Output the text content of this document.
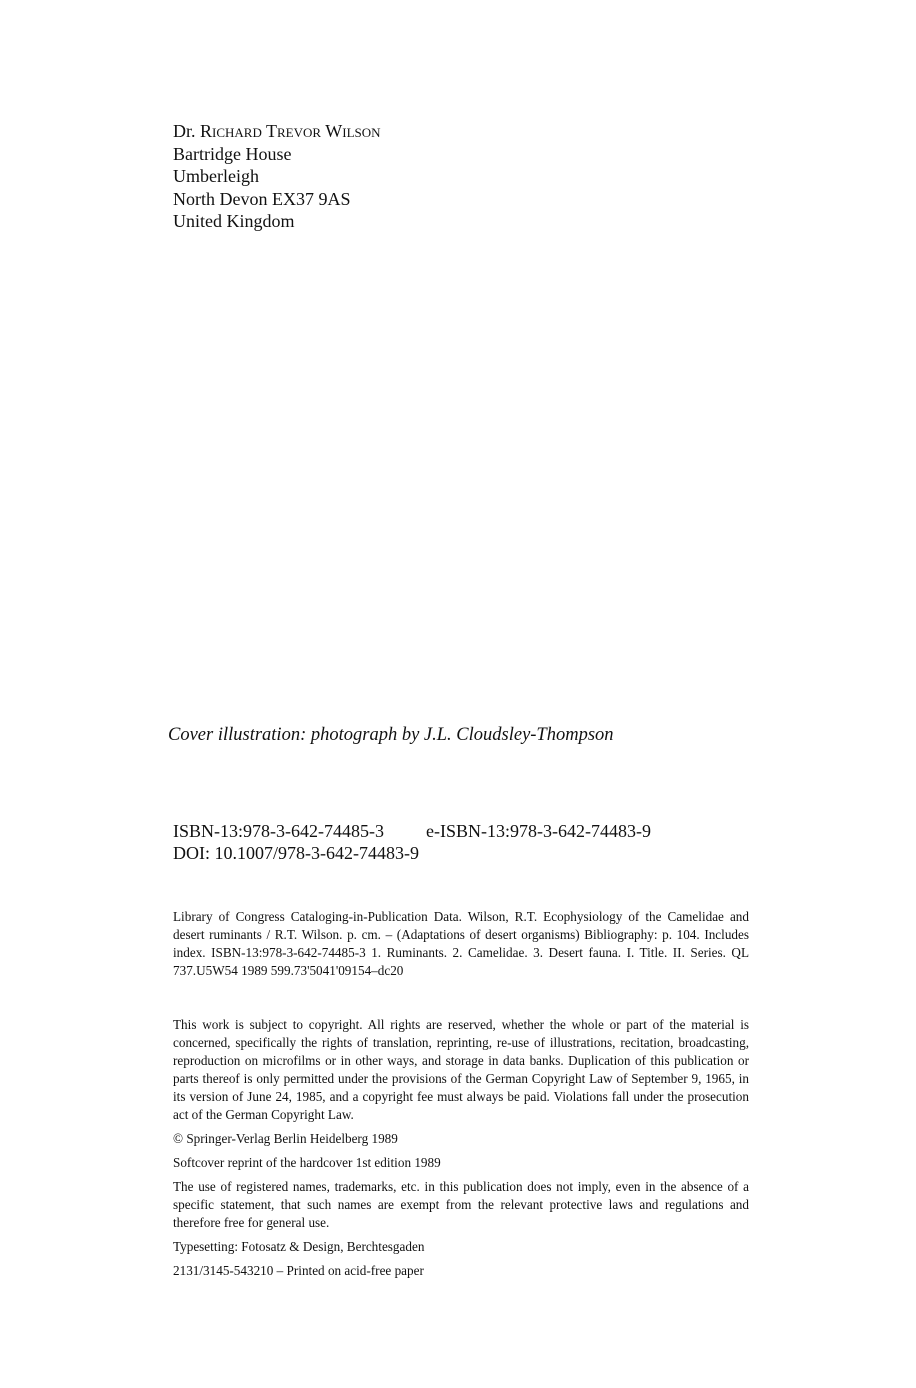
Dr. Richard Trevor Wilson
Bartridge House
Umberleigh
North Devon EX37 9AS
United Kingdom
Cover illustration: photograph by J.L. Cloudsley-Thompson
ISBN-13:978-3-642-74485-3 e-ISBN-13:978-3-642-74483-9
DOI: 10.1007/978-3-642-74483-9
Library of Congress Cataloging-in-Publication Data. Wilson, R.T. Ecophysiology of the Camelidae and desert ruminants / R.T. Wilson. p. cm. – (Adaptations of desert organisms) Bibliography: p. 104. Includes index. ISBN-13:978-3-642-74485-3 1. Ruminants. 2. Camelidae. 3. Desert fauna. I. Title. II. Series. QL 737.U5W54 1989 599.73'5041'09154–dc20

This work is subject to copyright. All rights are reserved, whether the whole or part of the material is concerned, specifically the rights of translation, reprinting, re-use of illustrations, recitation, broadcasting, reproduction on microfilms or in other ways, and storage in data banks. Duplication of this publication or parts thereof is only permitted under the provisions of the German Copyright Law of September 9, 1965, in its version of June 24, 1985, and a copyright fee must always be paid. Violations fall under the prosecution act of the German Copyright Law.

© Springer-Verlag Berlin Heidelberg 1989

Softcover reprint of the hardcover 1st edition 1989

The use of registered names, trademarks, etc. in this publication does not imply, even in the absence of a specific statement, that such names are exempt from the relevant protective laws and regulations and therefore free for general use.

Typesetting: Fotosatz & Design, Berchtesgaden

2131/3145-543210 – Printed on acid-free paper
